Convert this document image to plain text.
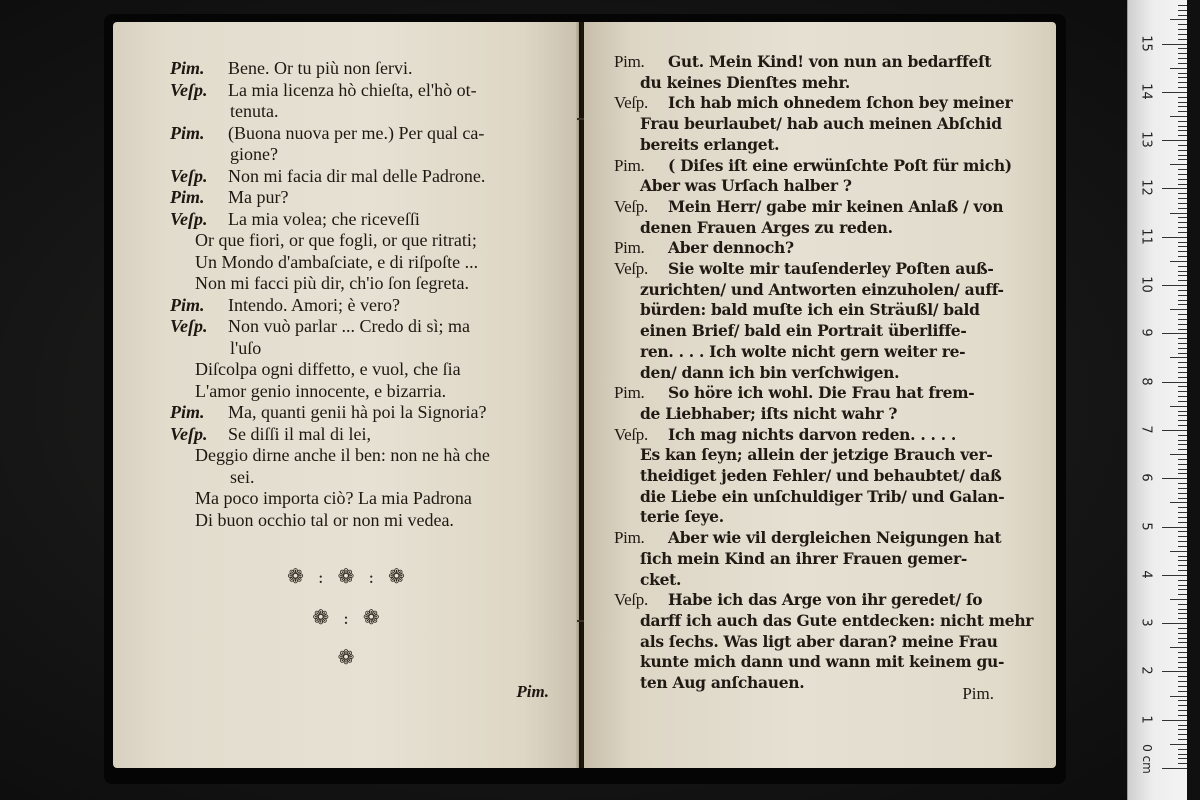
Pim. Bene. Or tu più non ſervi.
Veſp. La mia licenza hò chieſta, el'hò ot-
tenuta.
Pim. (Buona nuova per me.) Per qual ca-
gione?
Veſp. Non mi facia dir mal delle Padrone.
Pim. Ma pur?
Veſp. La mia volea; che riceveſſi
Or que fiori, or que fogli, or que ritrati;
Un Mondo d'ambaſciate, e di riſpoſte ...
Non mi facci più dir, ch'io ſon ſegreta.
Pim. Intendo. Amori; è vero?
Veſp. Non vuò parlar ... Credo di sì; ma
l'uſo
Diſcolpa ogni diffetto, e vuol, che ſia
L'amor genio innocente, e bizarria.
Pim. Ma, quanti genii hà poi la Signoria?
Veſp. Se diſſi il mal di lei,
Deggio dirne anche il ben: non ne hà che
sei.
Ma poco importa ciò? La mia Padrona
Di buon occhio tal or non mi vedea.
❁ : ❁ : ❁
❁ : ❁
❁
Pim.
Pim. Gut. Mein Kind! von nun an bedarffeſt
du keines Dienſtes mehr.
Veſp. Ich hab mich ohnedem ſchon bey meiner
Frau beurlaubet/ hab auch meinen Abſchid
bereits erlanget.
Pim. ( Diſes iſt eine erwünſchte Poſt für mich)
Aber was Urſach halber ?
Veſp. Mein Herr/ gabe mir keinen Anlaß / von
denen Frauen Arges zu reden.
Pim. Aber dennoch?
Veſp. Sie wolte mir tauſenderley Poſten auß-
zurichten/ und Antworten einzuholen/ auff-
bürden: bald muſte ich ein Sträußl/ bald
einen Brief/ bald ein Portrait überliffe-
ren. . . . Ich wolte nicht gern weiter re-
den/ dann ich bin verſchwigen.
Pim. So höre ich wohl. Die Frau hat frem-
de Liebhaber; iſts nicht wahr ?
Veſp. Ich mag nichts darvon reden. . . . .
Es kan ſeyn; allein der jetzige Brauch ver-
theidiget jeden Fehler/ und behaubtet/ daß
die Liebe ein unſchuldiger Trib/ und Galan-
terie ſeye.
Pim. Aber wie vil dergleichen Neigungen hat
ſich mein Kind an ihrer Frauen gemer-
cket.
Veſp. Habe ich das Arge von ihr geredet/ ſo
darff ich auch das Gute entdecken: nicht mehr
als ſechs. Was ligt aber daran? meine Frau
kunte mich dann und wann mit keinem gu-
ten Aug anſchauen.
Pim.
0 cm
1
2
3
4
5
6
7
8
9
10
11
12
13
14
15
